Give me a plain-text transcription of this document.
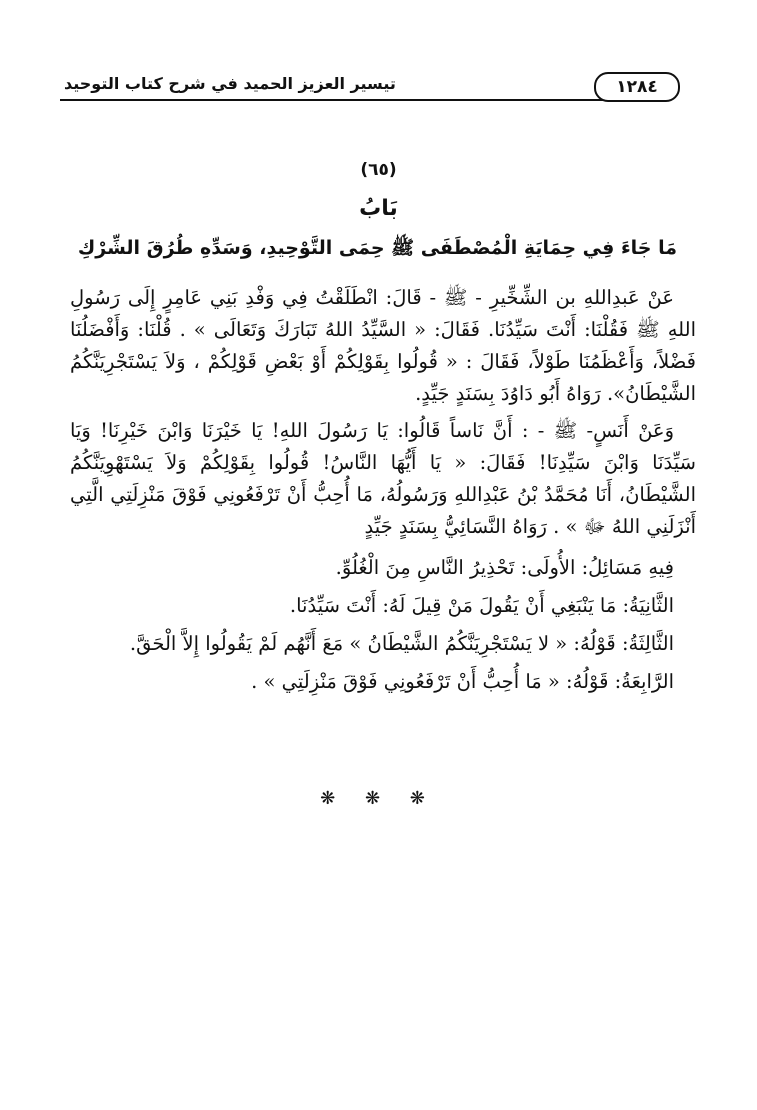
تيسير العزيز الحميد في شرح كتاب التوحيد	١٢٨٤
(٦٥)
بَابُ
مَا جَاءَ فِي حِمَايَةِ الْمُصْطَفَى ﷺ حِمَى التَّوْحِيدِ، وَسَدِّهِ طُرُقَ الشِّرْكِ

عَنْ عَبدِاللهِ بن الشِّخِّيرِ - ﷺ - قَالَ: انْطَلَقْتُ فِي وَفْدِ بَنِي عَامِرٍ إِلَى رَسُولِ اللهِ ﷺ فَقُلْنَا: أَنْتَ سَيِّدُنَا. فَقَالَ: « السَّيِّدُ اللهُ تَبَارَكَ وَتَعَالَى » . قُلْنَا: وَأَفْضَلُنَا فَضْلاً، وَأَعْظَمُنَا طَوْلاً، فَقَالَ : « قُولُوا بِقَوْلِكُمْ أَوْ بَعْضِ قَوْلِكُمْ ، وَلاَ يَسْتَجْرِيَنَّكُمُ الشَّيْطَانُ». رَوَاهُ أَبُو دَاوُدَ بِسَنَدٍ جَيِّدٍ.

وَعَنْ أَنَسٍ- ﷺ - : أَنَّ نَاساً قَالُوا: يَا رَسُولَ اللهِ! يَا خَيْرَنَا وَابْنَ خَيْرِنَا! وَيَا سَيِّدَنَا وَابْنَ سَيِّدِنَا! فَقَالَ: « يَا أَيُّهَا النَّاسُ! قُولُوا بِقَوْلِكُمْ وَلاَ يَسْتَهْوِيَنَّكُمُ الشَّيْطَانُ، أَنَا مُحَمَّدُ بْنُ عَبْدِاللهِ وَرَسُولُهُ، مَا أُحِبُّ أَنْ تَرْفَعُونِي فَوْقَ مَنْزِلَتِي الَّتِي أَنْزَلَنِي اللهُ ﷻ » . رَوَاهُ النَّسَائِيُّ بِسَنَدٍ جَيِّدٍ

فِيهِ مَسَائِلُ: الأُولَى: تَحْذِيرُ النَّاسِ مِنَ الْغُلُوِّ.

الثَّانِيَةُ: مَا يَنْبَغِي أَنْ يَقُولَ مَنْ قِيلَ لَهُ: أَنْتَ سَيِّدُنَا.

الثَّالِثَةُ: قَوْلُهُ: « لا يَسْتَجْرِيَنَّكُمُ الشَّيْطَانُ » مَعَ أَنَّهُم لَمْ يَقُولُوا إِلاَّ الْحَقَّ.

الرَّابِعَةُ: قَوْلُهُ: « مَا أُحِبُّ أَنْ تَرْفَعُونِي فَوْقَ مَنْزِلَتِي » .

❋ ❋ ❋
